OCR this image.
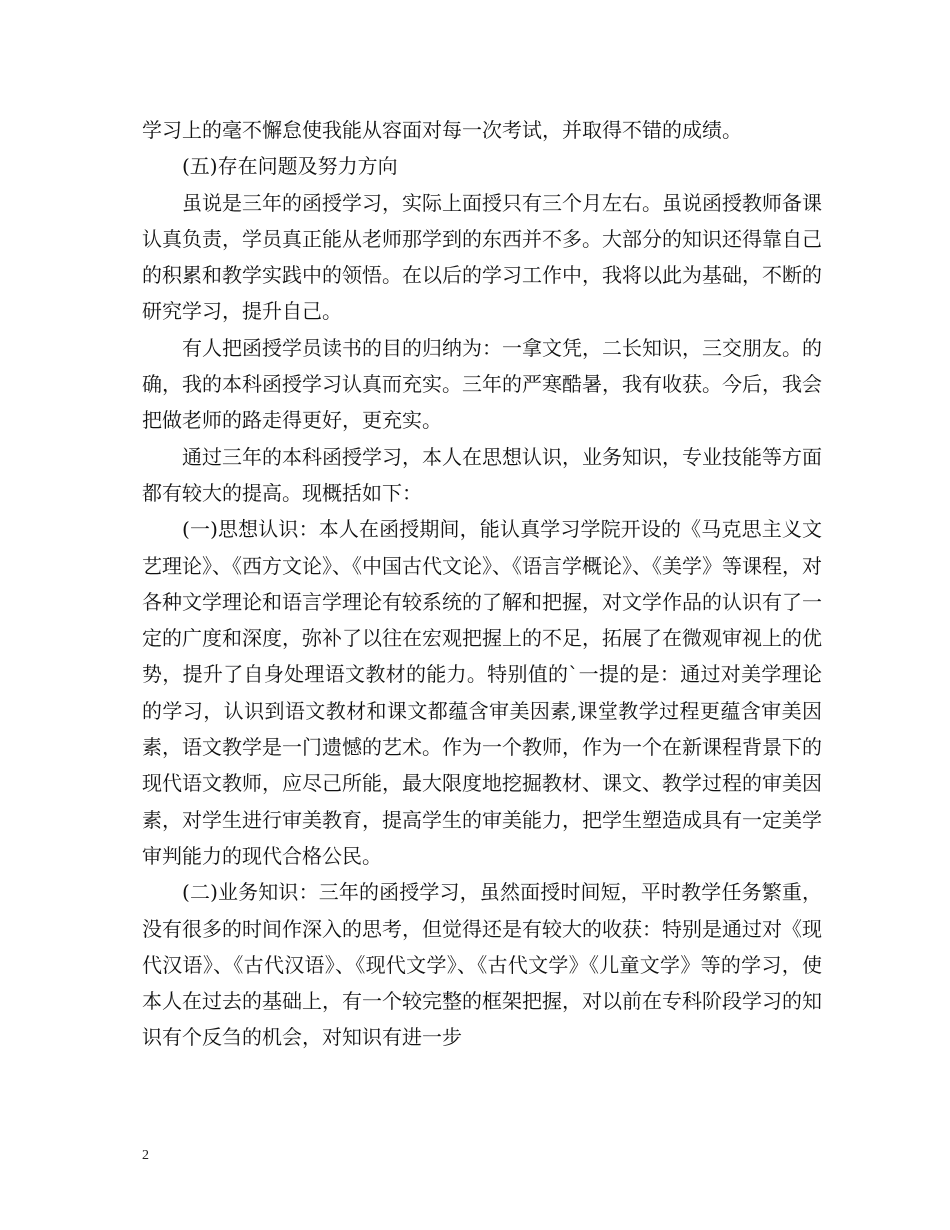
学习上的毫不懈怠使我能从容面对每一次考试，并取得不错的成绩。

(五)存在问题及努力方向

虽说是三年的函授学习，实际上面授只有三个月左右。虽说函授教师备课认真负责，学员真正能从老师那学到的东西并不多。大部分的知识还得靠自己的积累和教学实践中的领悟。在以后的学习工作中，我将以此为基础，不断的研究学习，提升自己。

有人把函授学员读书的目的归纳为：一拿文凭，二长知识，三交朋友。的确，我的本科函授学习认真而充实。三年的严寒酷暑，我有收获。今后，我会把做老师的路走得更好，更充实。

通过三年的本科函授学习，本人在思想认识，业务知识，专业技能等方面都有较大的提高。现概括如下：

(一)思想认识：本人在函授期间，能认真学习学院开设的《马克思主义文艺理论》、《西方文论》、《中国古代文论》、《语言学概论》、《美学》等课程，对各种文学理论和语言学理论有较系统的了解和把握，对文学作品的认识有了一定的广度和深度，弥补了以往在宏观把握上的不足，拓展了在微观审视上的优势，提升了自身处理语文教材的能力。特别值的`一提的是：通过对美学理论的学习，认识到语文教材和课文都蕴含审美因素,课堂教学过程更蕴含审美因素，语文教学是一门遗憾的艺术。作为一个教师，作为一个在新课程背景下的现代语文教师，应尽己所能，最大限度地挖掘教材、课文、教学过程的审美因素，对学生进行审美教育，提高学生的审美能力，把学生塑造成具有一定美学审判能力的现代合格公民。

(二)业务知识：三年的函授学习，虽然面授时间短，平时教学任务繁重，没有很多的时间作深入的思考，但觉得还是有较大的收获：特别是通过对《现代汉语》、《古代汉语》、《现代文学》、《古代文学》《儿童文学》等的学习，使本人在过去的基础上，有一个较完整的框架把握，对以前在专科阶段学习的知识有个反刍的机会，对知识有进一步

2
